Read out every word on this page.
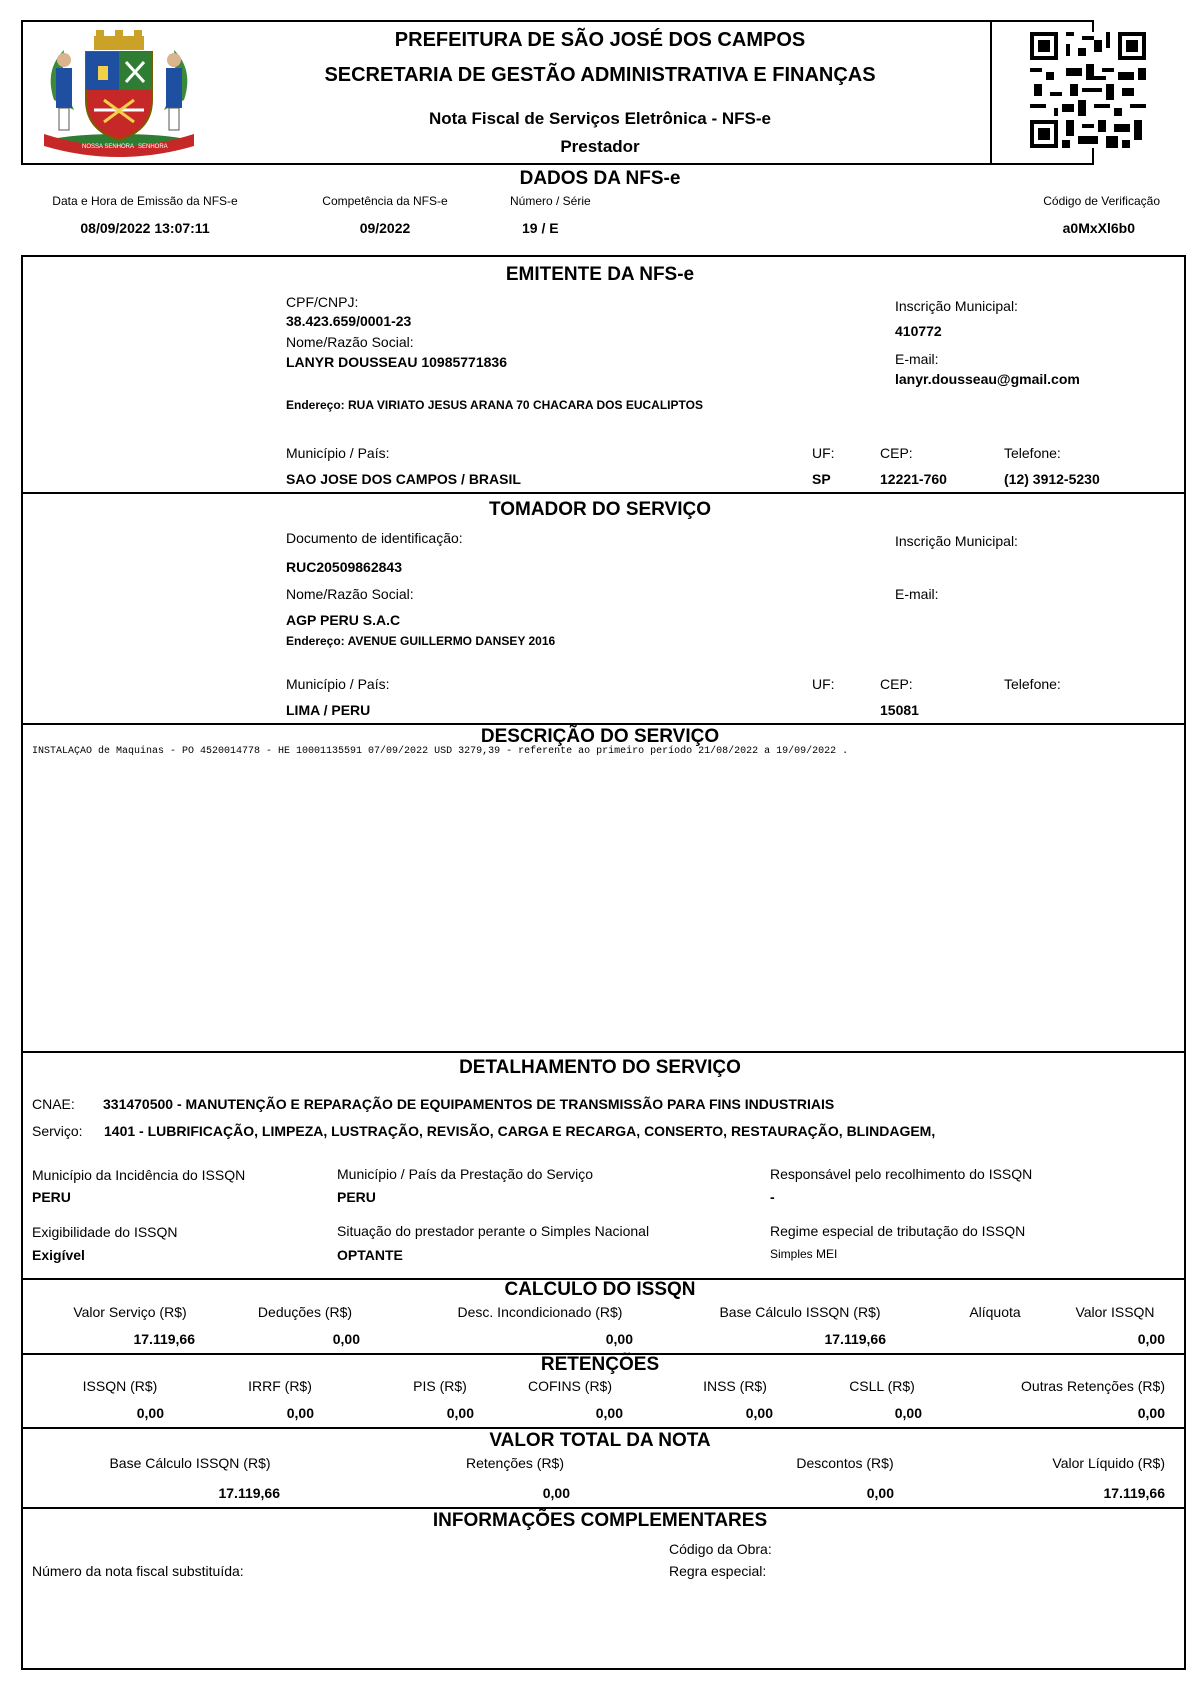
NOSSA SENHORA SENHORA
PREFEITURA DE SÃO JOSÉ DOS CAMPOS
SECRETARIA DE GESTÃO ADMINISTRATIVA E FINANÇAS
Nota Fiscal de Serviços Eletrônica - NFS-e
Prestador
DADOS DA NFS-e
Data e Hora de Emissão da NFS-e
08/09/2022 13:07:11
Competência da NFS-e
09/2022
Número / Série
19 / E
Código de Verificação
a0MxXl6b0
EMITENTE DA NFS-e
CPF/CNPJ:
38.423.659/0001-23
Nome/Razão Social:
LANYR DOUSSEAU 10985771836
Endereço: RUA VIRIATO JESUS ARANA 70 CHACARA DOS EUCALIPTOS
Município / País:
SAO JOSE DOS CAMPOS / BRASIL
UF:
SP
CEP:
12221-760
Telefone:
(12) 3912-5230
Inscrição Municipal:
410772
E-mail:
lanyr.dousseau@gmail.com
TOMADOR DO SERVIÇO
Documento de identificação:
RUC20509862843
Nome/Razão Social:
AGP PERU S.A.C
Endereço: AVENUE GUILLERMO DANSEY 2016
Município / País:
LIMA / PERU
UF:	CEP:
15081
Telefone:
Inscrição Municipal:
E-mail:
DESCRIÇÃO DO SERVIÇO
INSTALAÇAO de Maquinas - PO 4520014778 - HE 10001135591 07/09/2022 USD 3279,39 - referente ao primeiro período 21/08/2022 a 19/09/2022 .
DETALHAMENTO DO SERVIÇO
CNAE: 331470500 - MANUTENÇÃO E REPARAÇÃO DE EQUIPAMENTOS DE TRANSMISSÃO PARA FINS INDUSTRIAIS
Serviço: 1401 - LUBRIFICAÇÃO, LIMPEZA, LUSTRAÇÃO, REVISÃO, CARGA E RECARGA, CONSERTO, RESTAURAÇÃO, BLINDAGEM,
Município da Incidência do ISSQN
PERU
Município / País da Prestação do Serviço
PERU
Responsável pelo recolhimento do ISSQN
-
Exigibilidade do ISSQN
Exigível
Situação do prestador perante o Simples Nacional
OPTANTE
Regime especial de tributação do ISSQN
Simples MEI
CALCULO DO ISSQN
Valor Serviço (R$)
17.119,66
Deduções (R$)
0,00
Desc. Incondicionado (R$)
0,00
Base Cálculo ISSQN (R$)
17.119,66
Alíquota	Valor ISSQN
0,00
RETENÇÕES
ISSQN (R$)
0,00
IRRF (R$)
0,00
PIS (R$)
0,00
COFINS (R$)
0,00
INSS (R$)
0,00
CSLL (R$)
0,00
Outras Retenções (R$)
0,00
VALOR TOTAL DA NOTA
Base Cálculo ISSQN (R$)
17.119,66
Retenções (R$)
0,00
Descontos (R$)
0,00
Valor Líquido (R$)
17.119,66
INFORMAÇÕES COMPLEMENTARES
Código da Obra:
Regra especial:
Número da nota fiscal substituída:
